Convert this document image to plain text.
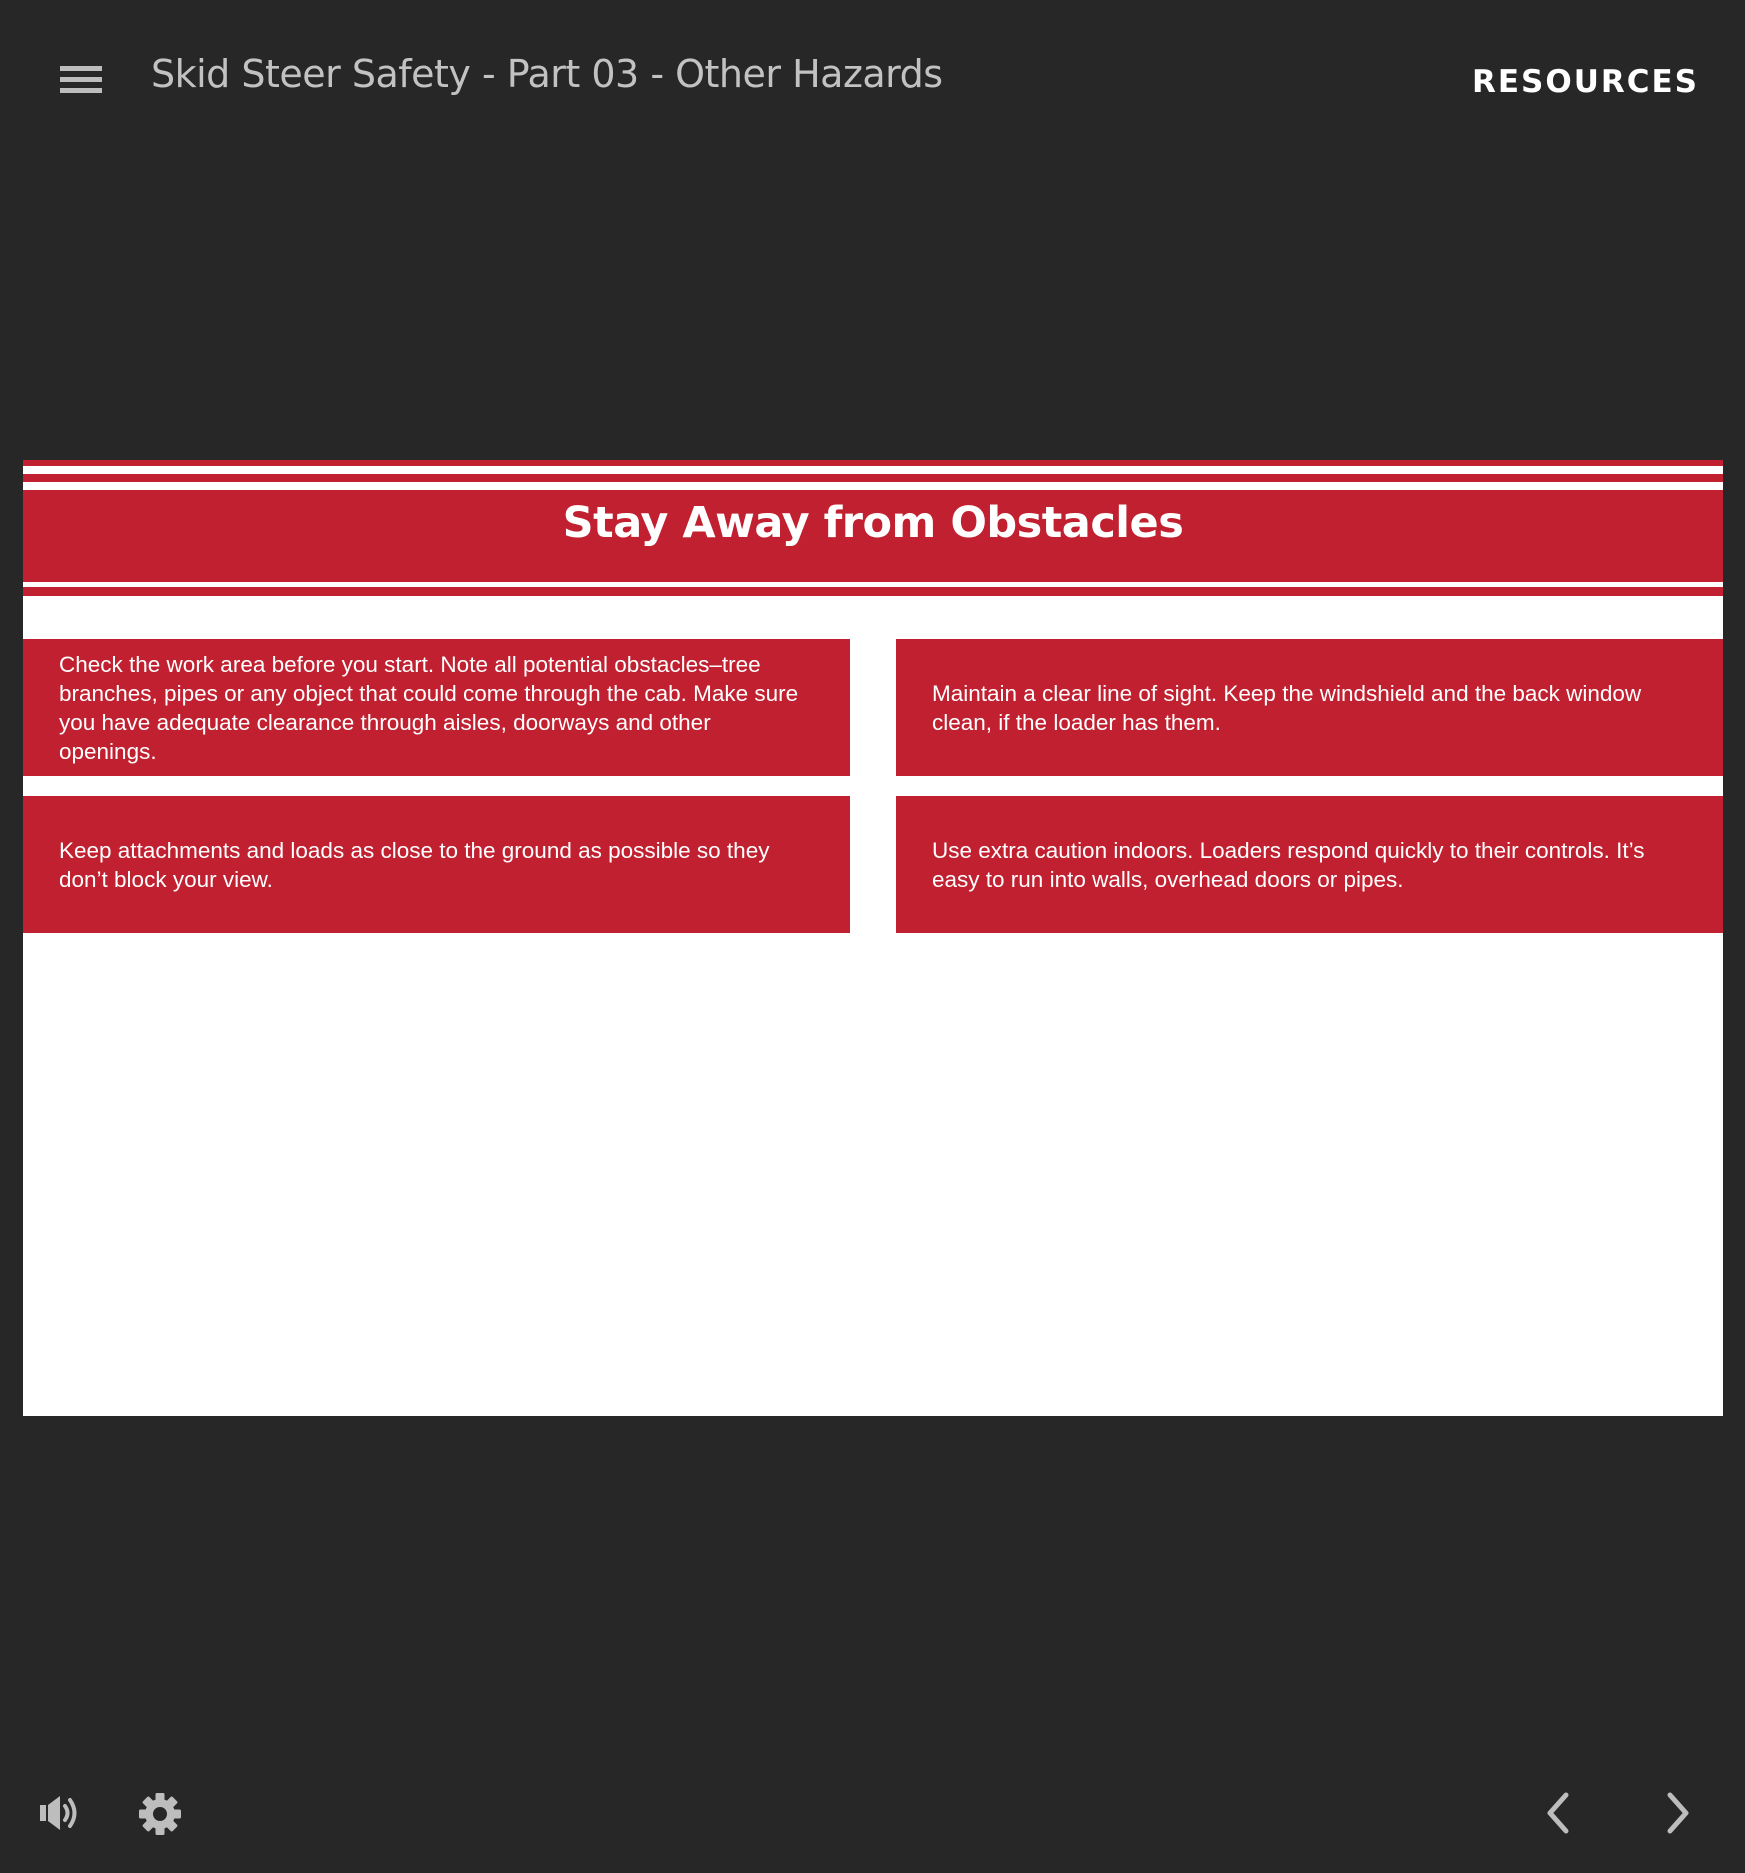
Skid Steer Safety - Part 03 - Other Hazards	RESOURCES
Stay Away from Obstacles
Check the work area before you start. Note all potential obstacles–tree branches, pipes or any object that could come through the cab. Make sure you have adequate clearance through aisles, doorways and other openings.
Maintain a clear line of sight. Keep the windshield and the back window clean, if the loader has them.
Keep attachments and loads as close to the ground as possible so they don’t block your view.
Use extra caution indoors. Loaders respond quickly to their controls. It’s easy to run into walls, overhead doors or pipes.
